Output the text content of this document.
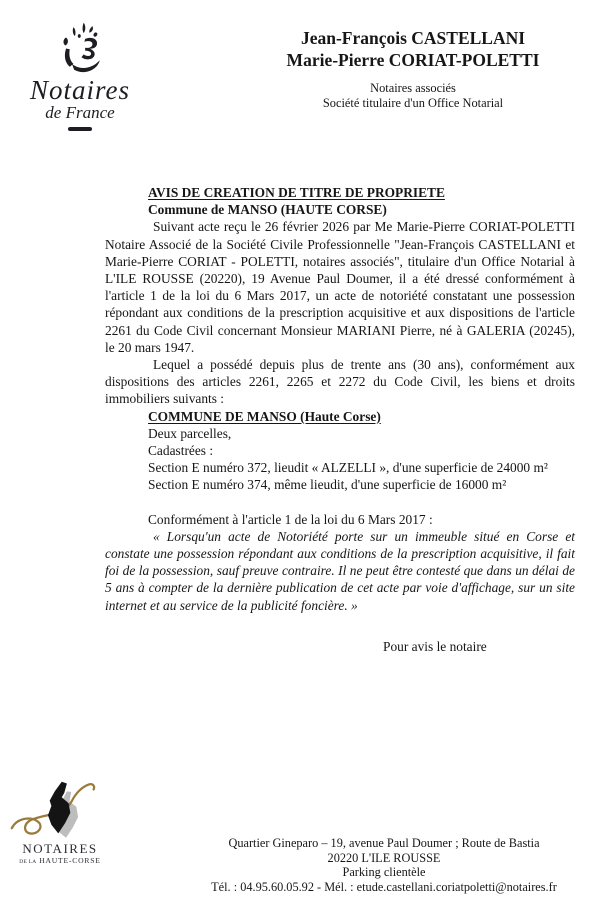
Notaires
de France
Jean-François CASTELLANI
Marie-Pierre CORIAT-POLETTI
Notaires associés
Société titulaire d'un Office Notarial
AVIS DE CREATION DE TITRE DE PROPRIETE
Commune de MANSO (HAUTE CORSE)

Suivant acte reçu le 26 février 2026 par Me Marie-Pierre CORIAT-POLETTI Notaire Associé de la Société Civile Professionnelle "Jean-François CASTELLANI et Marie-Pierre CORIAT - POLETTI, notaires associés", titulaire d'un Office Notarial à L'ILE ROUSSE (20220), 19 Avenue Paul Doumer, il a été dressé conformément à l'article 1 de la loi du 6 Mars 2017, un acte de notoriété constatant une possession répondant aux conditions de la prescription acquisitive et aux dispositions de l'article 2261 du Code Civil concernant Monsieur MARIANI Pierre, né à GALERIA (20245), le 20 mars 1947.

Lequel a possédé depuis plus de trente ans (30 ans), conformément aux dispositions des articles 2261, 2265 et 2272 du Code Civil, les biens et droits immobiliers suivants :

COMMUNE DE MANSO (Haute Corse)
Deux parcelles,
Cadastrées :
Section E numéro 372, lieudit « ALZELLI », d'une superficie de 24000 m²
Section E numéro 374, même lieudit, d'une superficie de 16000 m²
Conformément à l'article 1 de la loi du 6 Mars 2017 :

« Lorsqu'un acte de Notoriété porte sur un immeuble situé en Corse et constate une possession répondant aux conditions de la prescription acquisitive, il fait foi de la possession, sauf preuve contraire. Il ne peut être contesté que dans un délai de 5 ans à compter de la dernière publication de cet acte par voie d'affichage, sur un site internet et au service de la publicité foncière. »

Pour avis le notaire
NOTAIRES
DE LA HAUTE-CORSE
Quartier Gineparo – 19, avenue Paul Doumer ; Route de Bastia
20220 L'ILE ROUSSE
Parking clientèle
Tél. : 04.95.60.05.92 - Mél. : etude.castellani.coriatpoletti@notaires.fr
